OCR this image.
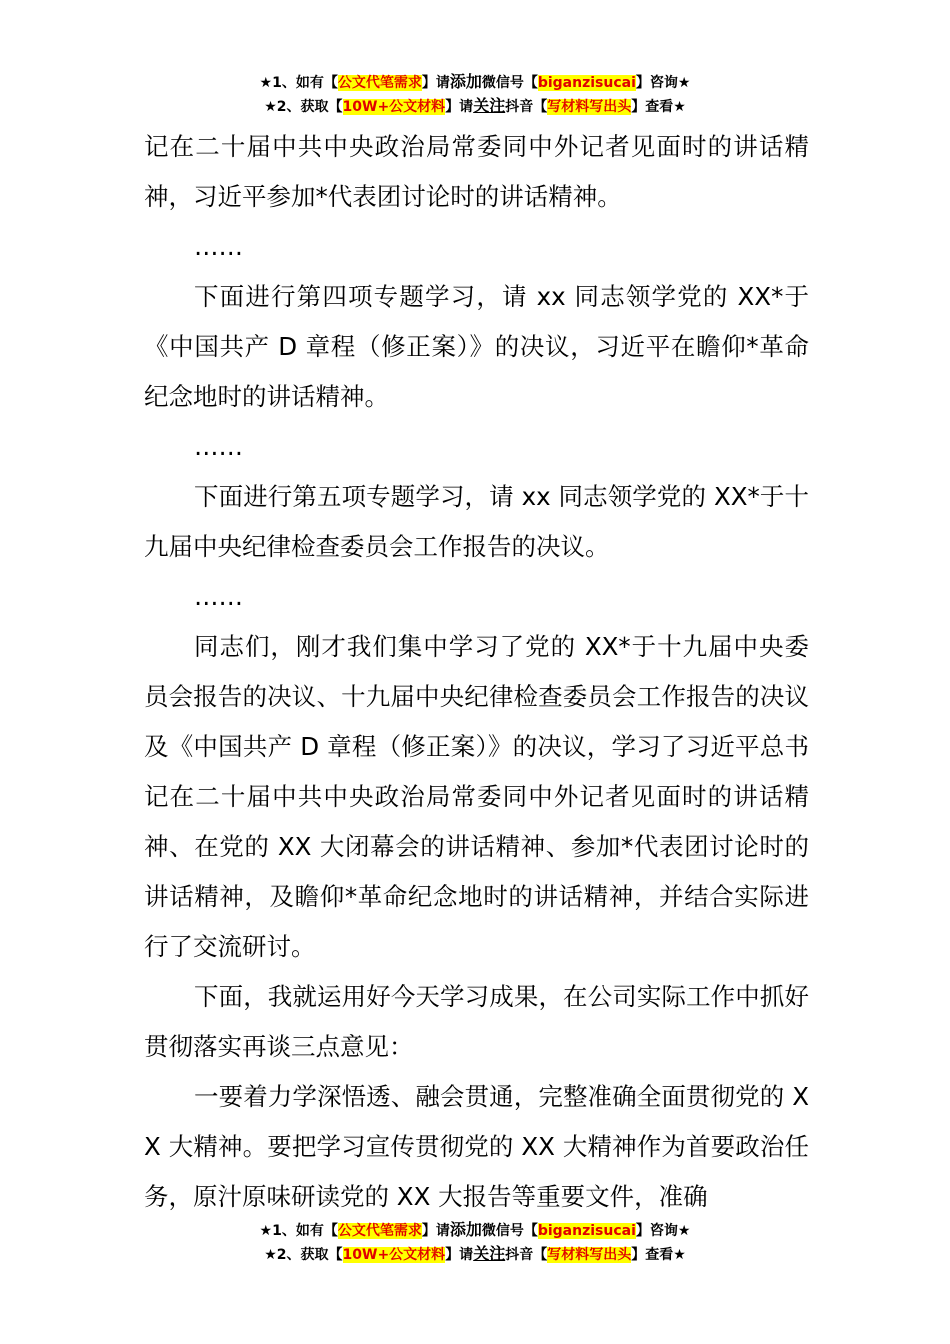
★1、如有【公文代笔需求】请添加微信号【biganzisucai】咨询★
★2、获取【10W+公文材料】请关注抖音【写材料写出头】查看★

记在二十届中共中央政治局常委同中外记者见面时的讲话精神，习近平参加*代表团讨论时的讲话精神。

……

下面进行第四项专题学习，请 xx 同志领学党的 XX*于《中国共产 D 章程（修正案）》的决议，习近平在瞻仰*革命纪念地时的讲话精神。

……

下面进行第五项专题学习，请 xx 同志领学党的 XX*于十九届中央纪律检查委员会工作报告的决议。

……

同志们，刚才我们集中学习了党的 XX*于十九届中央委员会报告的决议、十九届中央纪律检查委员会工作报告的决议及《中国共产 D 章程（修正案）》的决议，学习了习近平总书记在二十届中共中央政治局常委同中外记者见面时的讲话精神、在党的 XX 大闭幕会的讲话精神、参加*代表团讨论时的讲话精神，及瞻仰*革命纪念地时的讲话精神，并结合实际进行了交流研讨。

下面，我就运用好今天学习成果，在公司实际工作中抓好贯彻落实再谈三点意见：

一要着力学深悟透、融会贯通，完整准确全面贯彻党的 XX 大精神。要把学习宣传贯彻党的 XX 大精神作为首要政治任务，原汁原味研读党的 XX 大报告等重要文件，准确

★1、如有【公文代笔需求】请添加微信号【biganzisucai】咨询★
★2、获取【10W+公文材料】请关注抖音【写材料写出头】查看★
